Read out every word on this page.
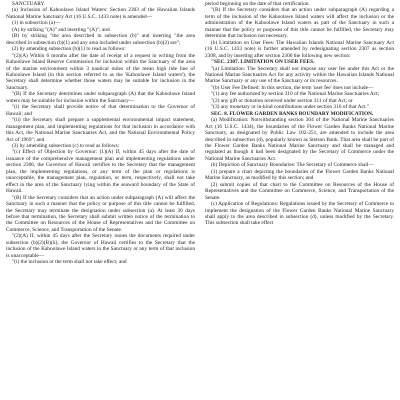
SANCTUARY.

(a) Inclusion of Kahoolawe Island Waters: Section 2303 of the Hawaiian Islands National Marine Sanctuary Act (16 U.S.C. 1433 note) is amended—

(1) in subsection (a)—

(A) by striking "(A)" and inserting "(A)"; and

(B) by striking "the area described in subsection (b)" and inserting "the area described in subsection (b)(1) and any area included under subsection (b)(2) are";

(2) by amending subsection (b)(1) to read as follows:

"(2)(A) Within 6 months after the date of receipt of a request in writing from the Kahoolawe Island Reserve Commission for inclusion within the Sanctuary of the area of the marine environment within 3 nautical miles of the mean high tide line of Kahoolawe Island (in this section referred to as the 'Kahoolawe Island waters'), the Secretary shall determine whether those waters may be suitable for inclusion in the Sanctuary.

"(B) If the Secretary determines under subparagraph (A) that the Kahoolawe Island waters may be suitable for inclusion within the Sanctuary—

"(i) the Secretary shall provide notice of that determination to the Governor of Hawaii; and

"(ii) the Secretary shall prepare a supplemental environmental impact statement, management plan, and implementing regulations for that inclusion in accordance with this Act, the National Marine Sanctuaries Act, and the National Environmental Policy Act of 1969"; and

(3) by amending subsection (c) to read as follows:

"(c) Effect of Objection by Governor: (1)(A) If, within 45 days after the date of issuance of the comprehensive management plan and implementing regulations under section 2306, the Governor of Hawaii certifies to the Secretary that the management plan, the implementing regulations, or any term of the plan or regulations is unacceptable, the management plan, regulation, or term, respectively, shall not take effect in the area of the Sanctuary lying within the seaward boundary of the State of Hawaii.

"(B) If the Secretary considers that an action under subparagraph (A) will affect the Sanctuary in such a manner that the policy or purpose of this title cannot be fulfilled, the Secretary may terminate the designation under subsection (a). At least 30 days before that termination, the Secretary shall submit written notice of the termination to the Committee on Resources of the House of Representatives and the Committee on Commerce, Science, and Transportation of the Senate.

"(2)(A) If, within 45 days after the Secretary issues the documents required under subsection (b)(2)(B)(ii), the Governor of Hawaii certifies to the Secretary that the inclusion of the Kahoolawe Island waters in the Sanctuary or any term of that inclusion is unacceptable—

"(i) the inclusion or the term shall not take effect; and

period beginning on the date of that certification.

"(B) If the Secretary considers that an action under subparagraph (A) regarding a term of the inclusion of the Kahoolawe Island waters will affect the inclusion or the administration of the Kahoolawe Island waters as part of the Sanctuary in such a manner that the policy or purposes of this title cannot be fulfilled, the Secretary may determine that inclusion not necessary.

(b) Limitation on User Fees: The Hawaiian Islands National Marine Sanctuary Act (16 U.S.C. 1433 note) is further amended by redesignating section 2307 as section 2308, and by inserting after section 2306 the following new section:

"SEC. 2307. LIMITATION ON USER FEES.

"(a) Limitation: The Secretary shall not impose any user fee under this Act or the National Marine Sanctuaries Act for any activity within the Hawaiian Islands National Marine Sanctuary or any use of the Sanctuary or its resources.

"(b) User Fee Defined: In this section, the term 'user fee' does not include—

"(1) any fee authorized by section 310 of the National Marine Sanctuaries Act;

"(2) any gift or donation received under section 311 of that Act; or

"(3) any monetary or in-kind contributions under section 316 of that Act.".

SEC. 8. FLOWER GARDEN BANKS BOUNDARY MODIFICATION.

(a) Modification: Notwithstanding section 304 of the National Marine Sanctuaries Act (16 U.S.C. 1434), the boundaries of the Flower Garden Banks National Marine Sanctuary, as designated by Public Law 102-251, are amended to include the area described in subsection (d), popularly known as Stetson Bank. That area shall be part of the Flower Garden Banks National Marine Sanctuary and shall be managed and regulated as though it had been designated by the Secretary of Commerce under the National Marine Sanctuaries Act.

(b) Depiction of Sanctuary Boundaries: The Secretary of Commerce shall—

(1) prepare a chart depicting the boundaries of the Flower Garden Banks National Marine Sanctuary, as modified by this section; and

(2) submit copies of that chart to the Committee on Resources of the House of Representatives and the Committee on Commerce, Science, and Transportation of the Senate.

(c) Application of Regulations: Regulations issued by the Secretary of Commerce to implement the designation of the Flower Garden Banks National Marine Sanctuary shall apply to the area described in subsection (d), unless modified by the Secretary. This subsection shall take effect
